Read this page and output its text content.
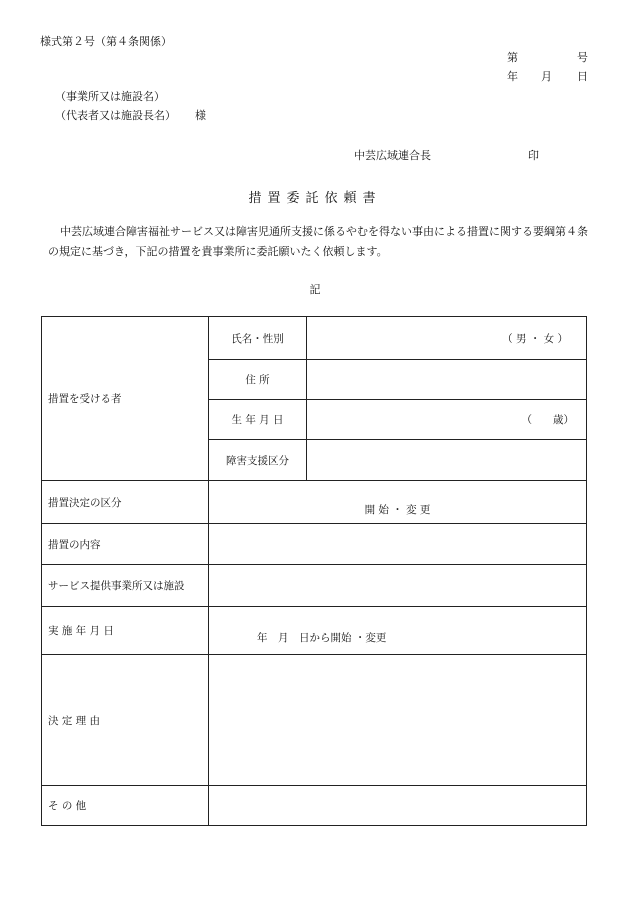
様式第２号（第４条関係）
第	号
年 月 日
（事業所又は施設名）
（代表者又は施設長名） 様
中芸広域連合長	印
措置委託依頼書
中芸広域連合障害福祉サービス又は障害児通所支援に係るやむを得ない事由による措置に関する要綱第４条の規定に基づき，下記の措置を貴事業所に委託願いたく依頼します。
記
措置を受ける者	氏名・性別	（ 男 ・ 女 ）
	住 所	
	生 年 月 日	（　　歳）
	障害支援区分	
措置決定の区分	開 始 ・ 変 更	
措置の内容		
サービス提供事業所又は施設		
実 施 年 月 日	年　月　日から開始 ・変更	
決 定 理 由		
そ の 他		
